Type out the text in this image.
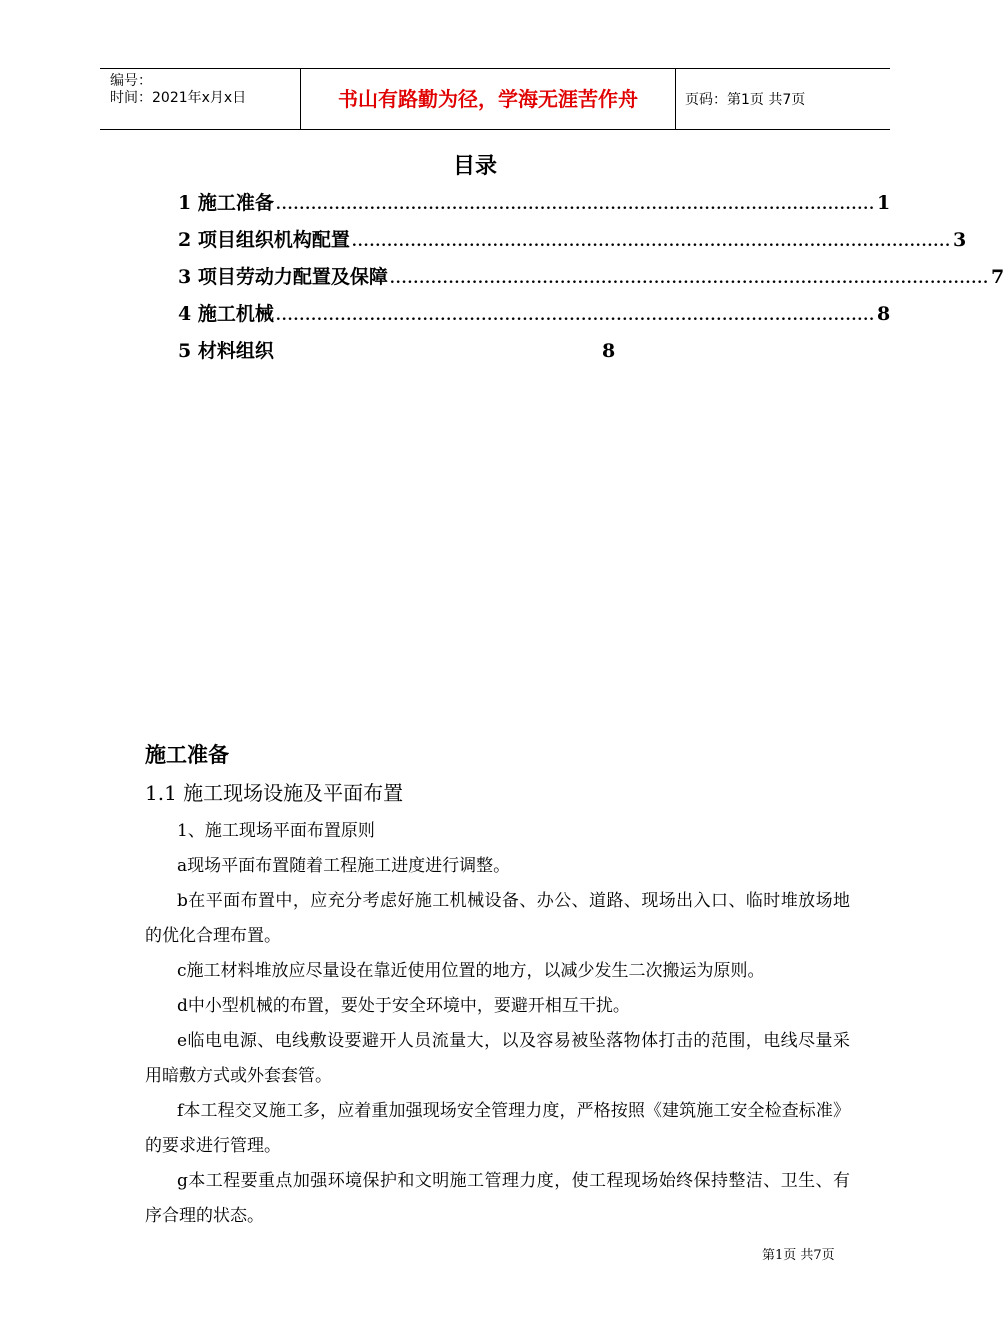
编号：
时间：2021年x月x日	书山有路勤为径，学海无涯苦作舟	页码：第1页 共7页
目录
1 施工准备 ...................................................................................................... 1
2 项目组织机构配置 ...................................................................................................... 3
3 项目劳动力配置及保障 ...................................................................................................... 7
4 施工机械 ...................................................................................................... 8
5 材料组织	8
施工准备
1.1 施工现场设施及平面布置

1、施工现场平面布置原则

a现场平面布置随着工程施工进度进行调整。

b在平面布置中，应充分考虑好施工机械设备、办公、道路、现场出入口、临时堆放场地的优化合理布置。

c施工材料堆放应尽量设在靠近使用位置的地方，以减少发生二次搬运为原则。

d中小型机械的布置，要处于安全环境中，要避开相互干扰。

e临电电源、电线敷设要避开人员流量大，以及容易被坠落物体打击的范围，电线尽量采用暗敷方式或外套套管。

f本工程交叉施工多，应着重加强现场安全管理力度，严格按照《建筑施工安全检查标准》的要求进行管理。

g本工程要重点加强环境保护和文明施工管理力度，使工程现场始终保持整洁、卫生、有序合理的状态。

第1页 共7页
